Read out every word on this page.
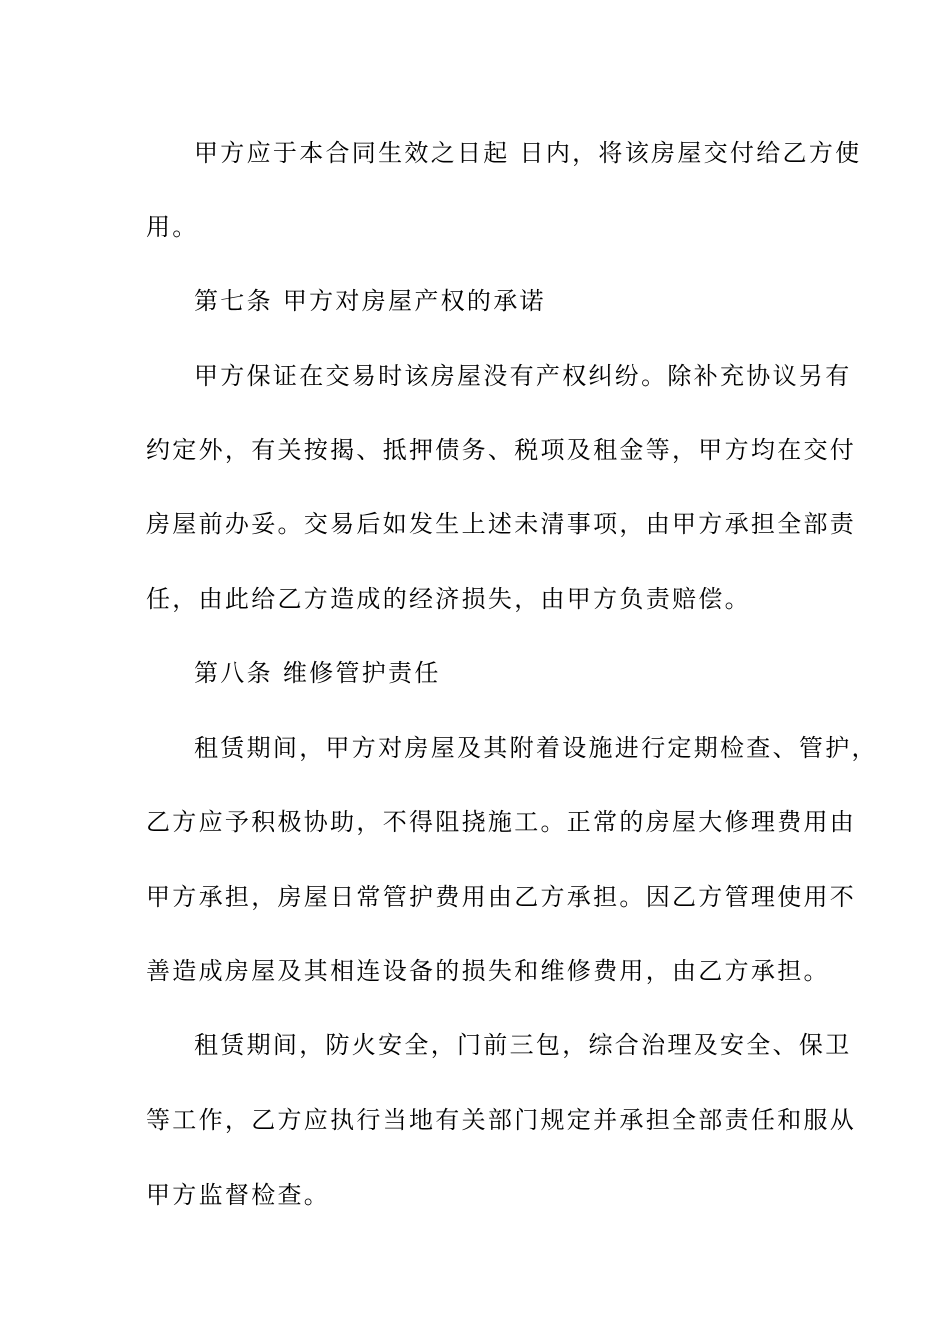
甲方应于本合同生效之日起 日内，将该房屋交付给乙方使

用。

第七条 甲方对房屋产权的承诺

甲方保证在交易时该房屋没有产权纠纷。除补充协议另有

约定外，有关按揭、抵押债务、税项及租金等，甲方均在交付

房屋前办妥。交易后如发生上述未清事项，由甲方承担全部责

任，由此给乙方造成的经济损失，由甲方负责赔偿。

第八条 维修管护责任

租赁期间，甲方对房屋及其附着设施进行定期检查、管护，

乙方应予积极协助，不得阻挠施工。正常的房屋大修理费用由

甲方承担，房屋日常管护费用由乙方承担。因乙方管理使用不

善造成房屋及其相连设备的损失和维修费用，由乙方承担。

租赁期间，防火安全，门前三包，综合治理及安全、保卫

等工作，乙方应执行当地有关部门规定并承担全部责任和服从

甲方监督检查。
